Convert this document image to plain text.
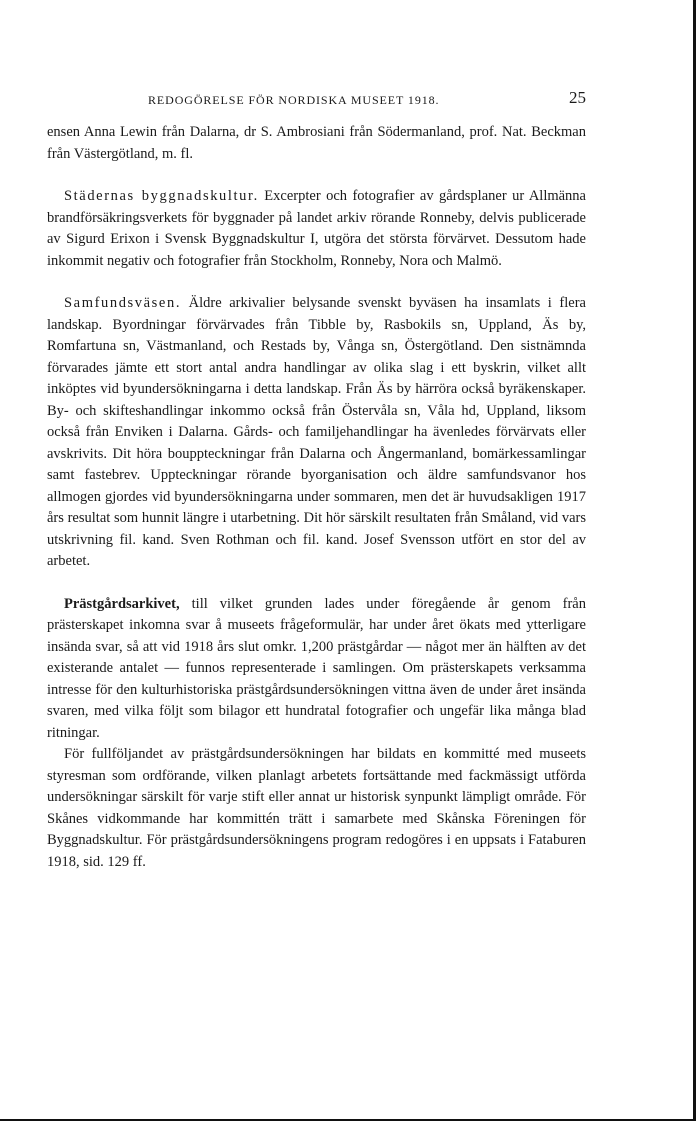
REDOGÖRELSE FÖR NORDISKA MUSEET 1918.	25

ensen Anna Lewin från Dalarna, dr S. Ambrosiani från Södermanland, prof. Nat. Beckman från Västergötland, m. fl.

Städernas byggnadskultur. Excerpter och fotografier av gårdsplaner ur Allmänna brandförsäkringsverkets för byggnader på landet arkiv rörande Ronneby, delvis publicerade av Sigurd Erixon i Svensk Byggnadskultur I, utgöra det största förvärvet. Dessutom hade inkommit negativ och fotografier från Stockholm, Ronneby, Nora och Malmö.

Samfundsväsen. Äldre arkivalier belysande svenskt byväsen ha insamlats i flera landskap. Byordningar förvärvades från Tibble by, Rasbokils sn, Uppland, Äs by, Romfartuna sn, Västmanland, och Restads by, Vånga sn, Östergötland. Den sistnämnda förvarades jämte ett stort antal andra handlingar av olika slag i ett byskrin, vilket allt inköptes vid byundersökningarna i detta landskap. Från Äs by härröra också byräkenskaper. By- och skifteshandlingar inkommo också från Östervåla sn, Våla hd, Uppland, liksom också från Enviken i Dalarna. Gårds- och familjehandlingar ha ävenledes förvärvats eller avskrivits. Dit höra bouppteckningar från Dalarna och Ångermanland, bomärkessamlingar samt fastebrev. Uppteckningar rörande byorganisation och äldre samfundsvanor hos allmogen gjordes vid byundersökningarna under sommaren, men det är huvudsakligen 1917 års resultat som hunnit längre i utarbetning. Dit hör särskilt resultaten från Småland, vid vars utskrivning fil. kand. Sven Rothman och fil. kand. Josef Svensson utfört en stor del av arbetet.

Prästgårdsarkivet, till vilket grunden lades under föregående år genom från prästerskapet inkomna svar å museets frågeformulär, har under året ökats med ytterligare insända svar, så att vid 1918 års slut omkr. 1,200 prästgårdar — något mer än hälften av det existerande antalet — funnos representerade i samlingen. Om prästerskapets verksamma intresse för den kulturhistoriska prästgårdsundersökningen vittna även de under året insända svaren, med vilka följt som bilagor ett hundratal fotografier och ungefär lika många blad ritningar.

För fullföljandet av prästgårdsundersökningen har bildats en kommitté med museets styresman som ordförande, vilken planlagt arbetets fortsättande med fackmässigt utförda undersökningar särskilt för varje stift eller annat ur historisk synpunkt lämpligt område. För Skånes vidkommande har kommittén trätt i samarbete med Skånska Föreningen för Byggnadskultur. För prästgårdsundersökningens program redogöres i en uppsats i Fataburen 1918, sid. 129 ff.
